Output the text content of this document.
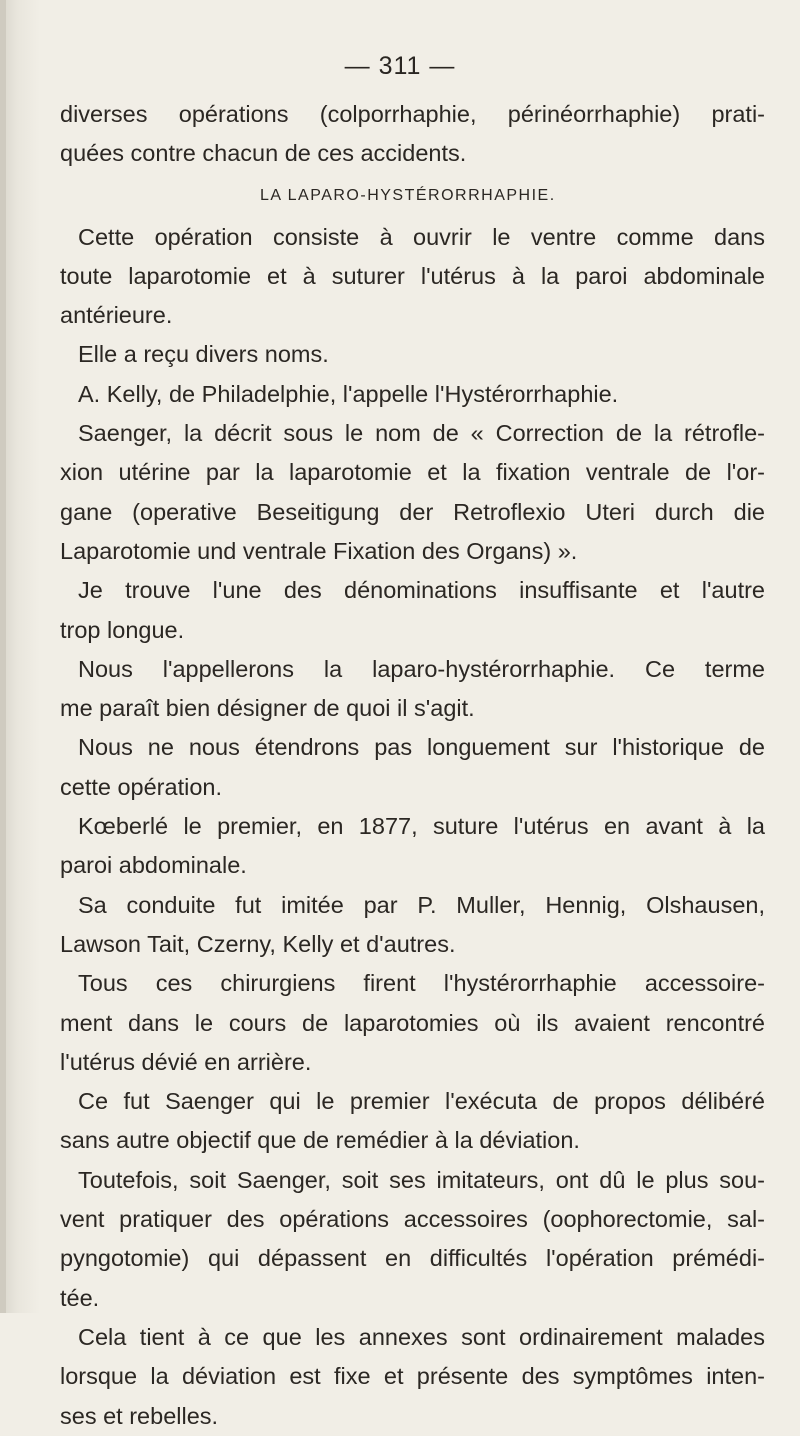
— 311 —
diverses opérations (colporrhaphie, périnéorrhaphie) prati-
quées contre chacun de ces accidents.
LA LAPARO-HYSTÉRORRHAPHIE.
Cette opération consiste à ouvrir le ventre comme dans
toute laparotomie et à suturer l'utérus à la paroi abdominale
antérieure.
Elle a reçu divers noms.
A. Kelly, de Philadelphie, l'appelle l'Hystérorrhaphie.
Saenger, la décrit sous le nom de « Correction de la rétrofle-
xion utérine par la laparotomie et la fixation ventrale de l'or-
gane (operative Beseitigung der Retroflexio Uteri durch die
Laparotomie und ventrale Fixation des Organs) ».
Je trouve l'une des dénominations insuffisante et l'autre
trop longue.
Nous l'appellerons la laparo-hystérorrhaphie. Ce terme
me paraît bien désigner de quoi il s'agit.
Nous ne nous étendrons pas longuement sur l'historique de
cette opération.
Kœberlé le premier, en 1877, suture l'utérus en avant à la
paroi abdominale.
Sa conduite fut imitée par P. Muller, Hennig, Olshausen,
Lawson Tait, Czerny, Kelly et d'autres.
Tous ces chirurgiens firent l'hystérorrhaphie accessoire-
ment dans le cours de laparotomies où ils avaient rencontré
l'utérus dévié en arrière.
Ce fut Saenger qui le premier l'exécuta de propos délibéré
sans autre objectif que de remédier à la déviation.
Toutefois, soit Saenger, soit ses imitateurs, ont dû le plus sou-
vent pratiquer des opérations accessoires (oophorectomie, sal-
pyngotomie) qui dépassent en difficultés l'opération prémédi-
tée.
Cela tient à ce que les annexes sont ordinairement malades
lorsque la déviation est fixe et présente des symptômes inten-
ses et rebelles.
